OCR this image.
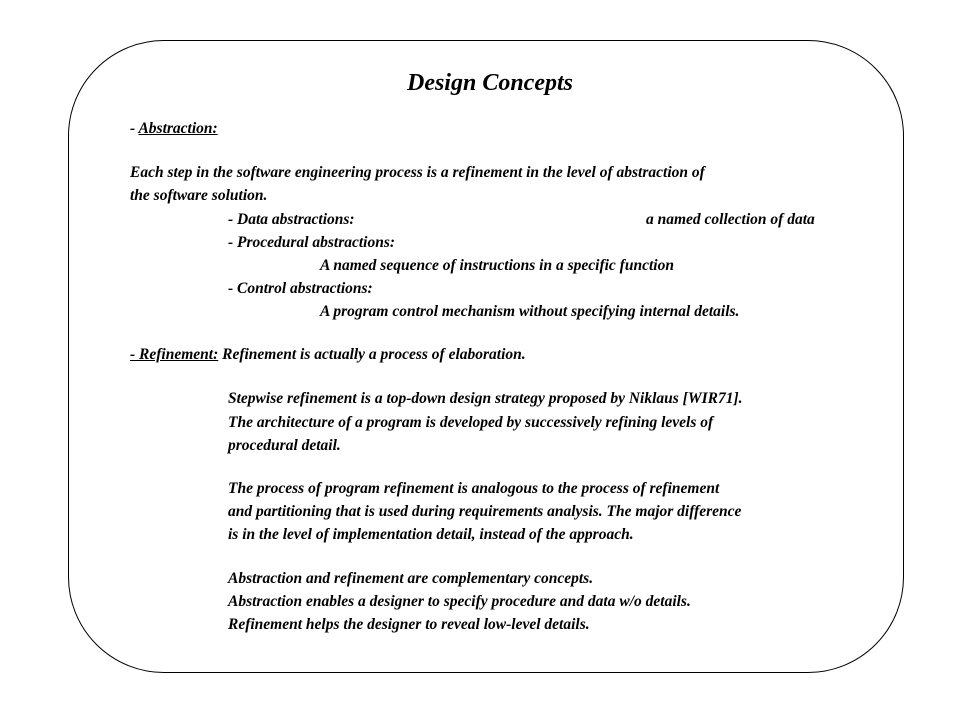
Design Concepts
- Abstraction:
Each step in the software engineering process is a refinement in the level of abstraction of
the software solution.
- Data abstractions:	a named collection of data
- Procedural abstractions:
A named sequence of instructions in a specific function
- Control abstractions:
A program control mechanism without specifying internal details.
- Refinement: Refinement is actually a process of elaboration.
Stepwise refinement is a top-down design strategy proposed by Niklaus [WIR71].
The architecture of a program is developed by successively refining levels of
procedural detail.
The process of program refinement is analogous to the process of refinement
and partitioning that is used during requirements analysis. The major difference
is in the level of implementation detail, instead of the approach.
Abstraction and refinement are complementary concepts.
Abstraction enables a designer to specify procedure and data w/o details.
Refinement helps the designer to reveal low-level details.
